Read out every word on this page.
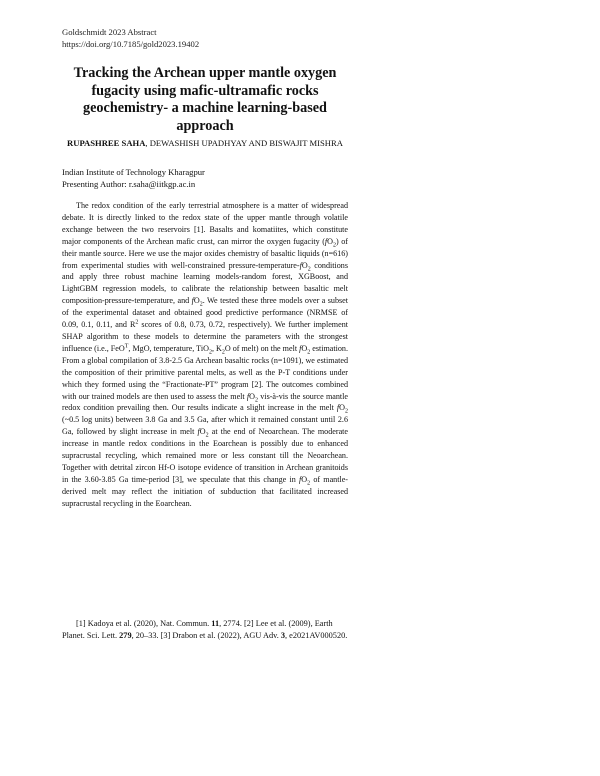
Goldschmidt 2023 Abstract
https://doi.org/10.7185/gold2023.19402
Tracking the Archean upper mantle oxygen fugacity using mafic-ultramafic rocks geochemistry- a machine learning-based approach
RUPASHREE SAHA, DEWASHISH UPADHYAY AND BISWAJIT MISHRA
Indian Institute of Technology Kharagpur
Presenting Author: r.saha@iitkgp.ac.in

The redox condition of the early terrestrial atmosphere is a matter of widespread debate. It is directly linked to the redox state of the upper mantle through volatile exchange between the two reservoirs [1]. Basalts and komatiites, which constitute major components of the Archean mafic crust, can mirror the oxygen fugacity $(fO_2)$ of their mantle source. Here we use the major oxides chemistry of basaltic liquids (n=616) from experimental studies with well-constrained pressure-$temperature-fO_2$ conditions and apply three robust machine learning models-random forest, XGBoost, and LightGBM regression models, to calibrate the relationship between basaltic melt composition-pressure-temperature, and $fO_2$. We tested these three models over a subset of the experimental dataset and obtained good predictive performance (NRMSE of 0.09, 0.1, 0.11, and $R^2$ scores of 0.8, 0.73, 0.72, respectively). We further implement SHAP algorithm to these models to determine the parameters with the strongest influence (i.e., FeO$^T$, MgO, temperature, TiO$_2$, $K_2O$ of melt) on the melt $fO_2$ estimation. From a global compilation of 3.8-2.5 Ga Archean basaltic rocks (n=1091), we estimated the composition of their primitive parental melts, as well as the P-T conditions under which they formed using the “Fractionate-PT” program [2]. The outcomes combined with our trained models are then used to assess the melt $fO_2$ vis-à-vis the source mantle redox condition prevailing then. Our results indicate a slight increase in the melt $fO_2$ (~0.5 log units) between 3.8 Ga and 3.5 Ga, after which it remained constant until 2.6 Ga, followed by slight increase in melt $fO_2$ at the end of Neoarchean. The moderate increase in mantle redox conditions in the Eoarchean is possibly due to enhanced supracrustal recycling, which remained more or less constant till the Neoarchean. Together with detrital zircon Hf-O isotope evidence of transition in Archean granitoids in the 3.60-3.85 Ga time-period [3], we speculate that this change in $fO_2$ of mantle-derived melt may reflect the initiation of subduction that facilitated increased supracrustal recycling in the Eoarchean.

[1] Kadoya et al. (2020), Nat. Commun. 11, 2774. [2] Lee et al. (2009), Earth Planet. Sci. Lett. 279, 20–33. [3] Drabon et al. (2022), AGU Adv. 3, e2021AV000520.
